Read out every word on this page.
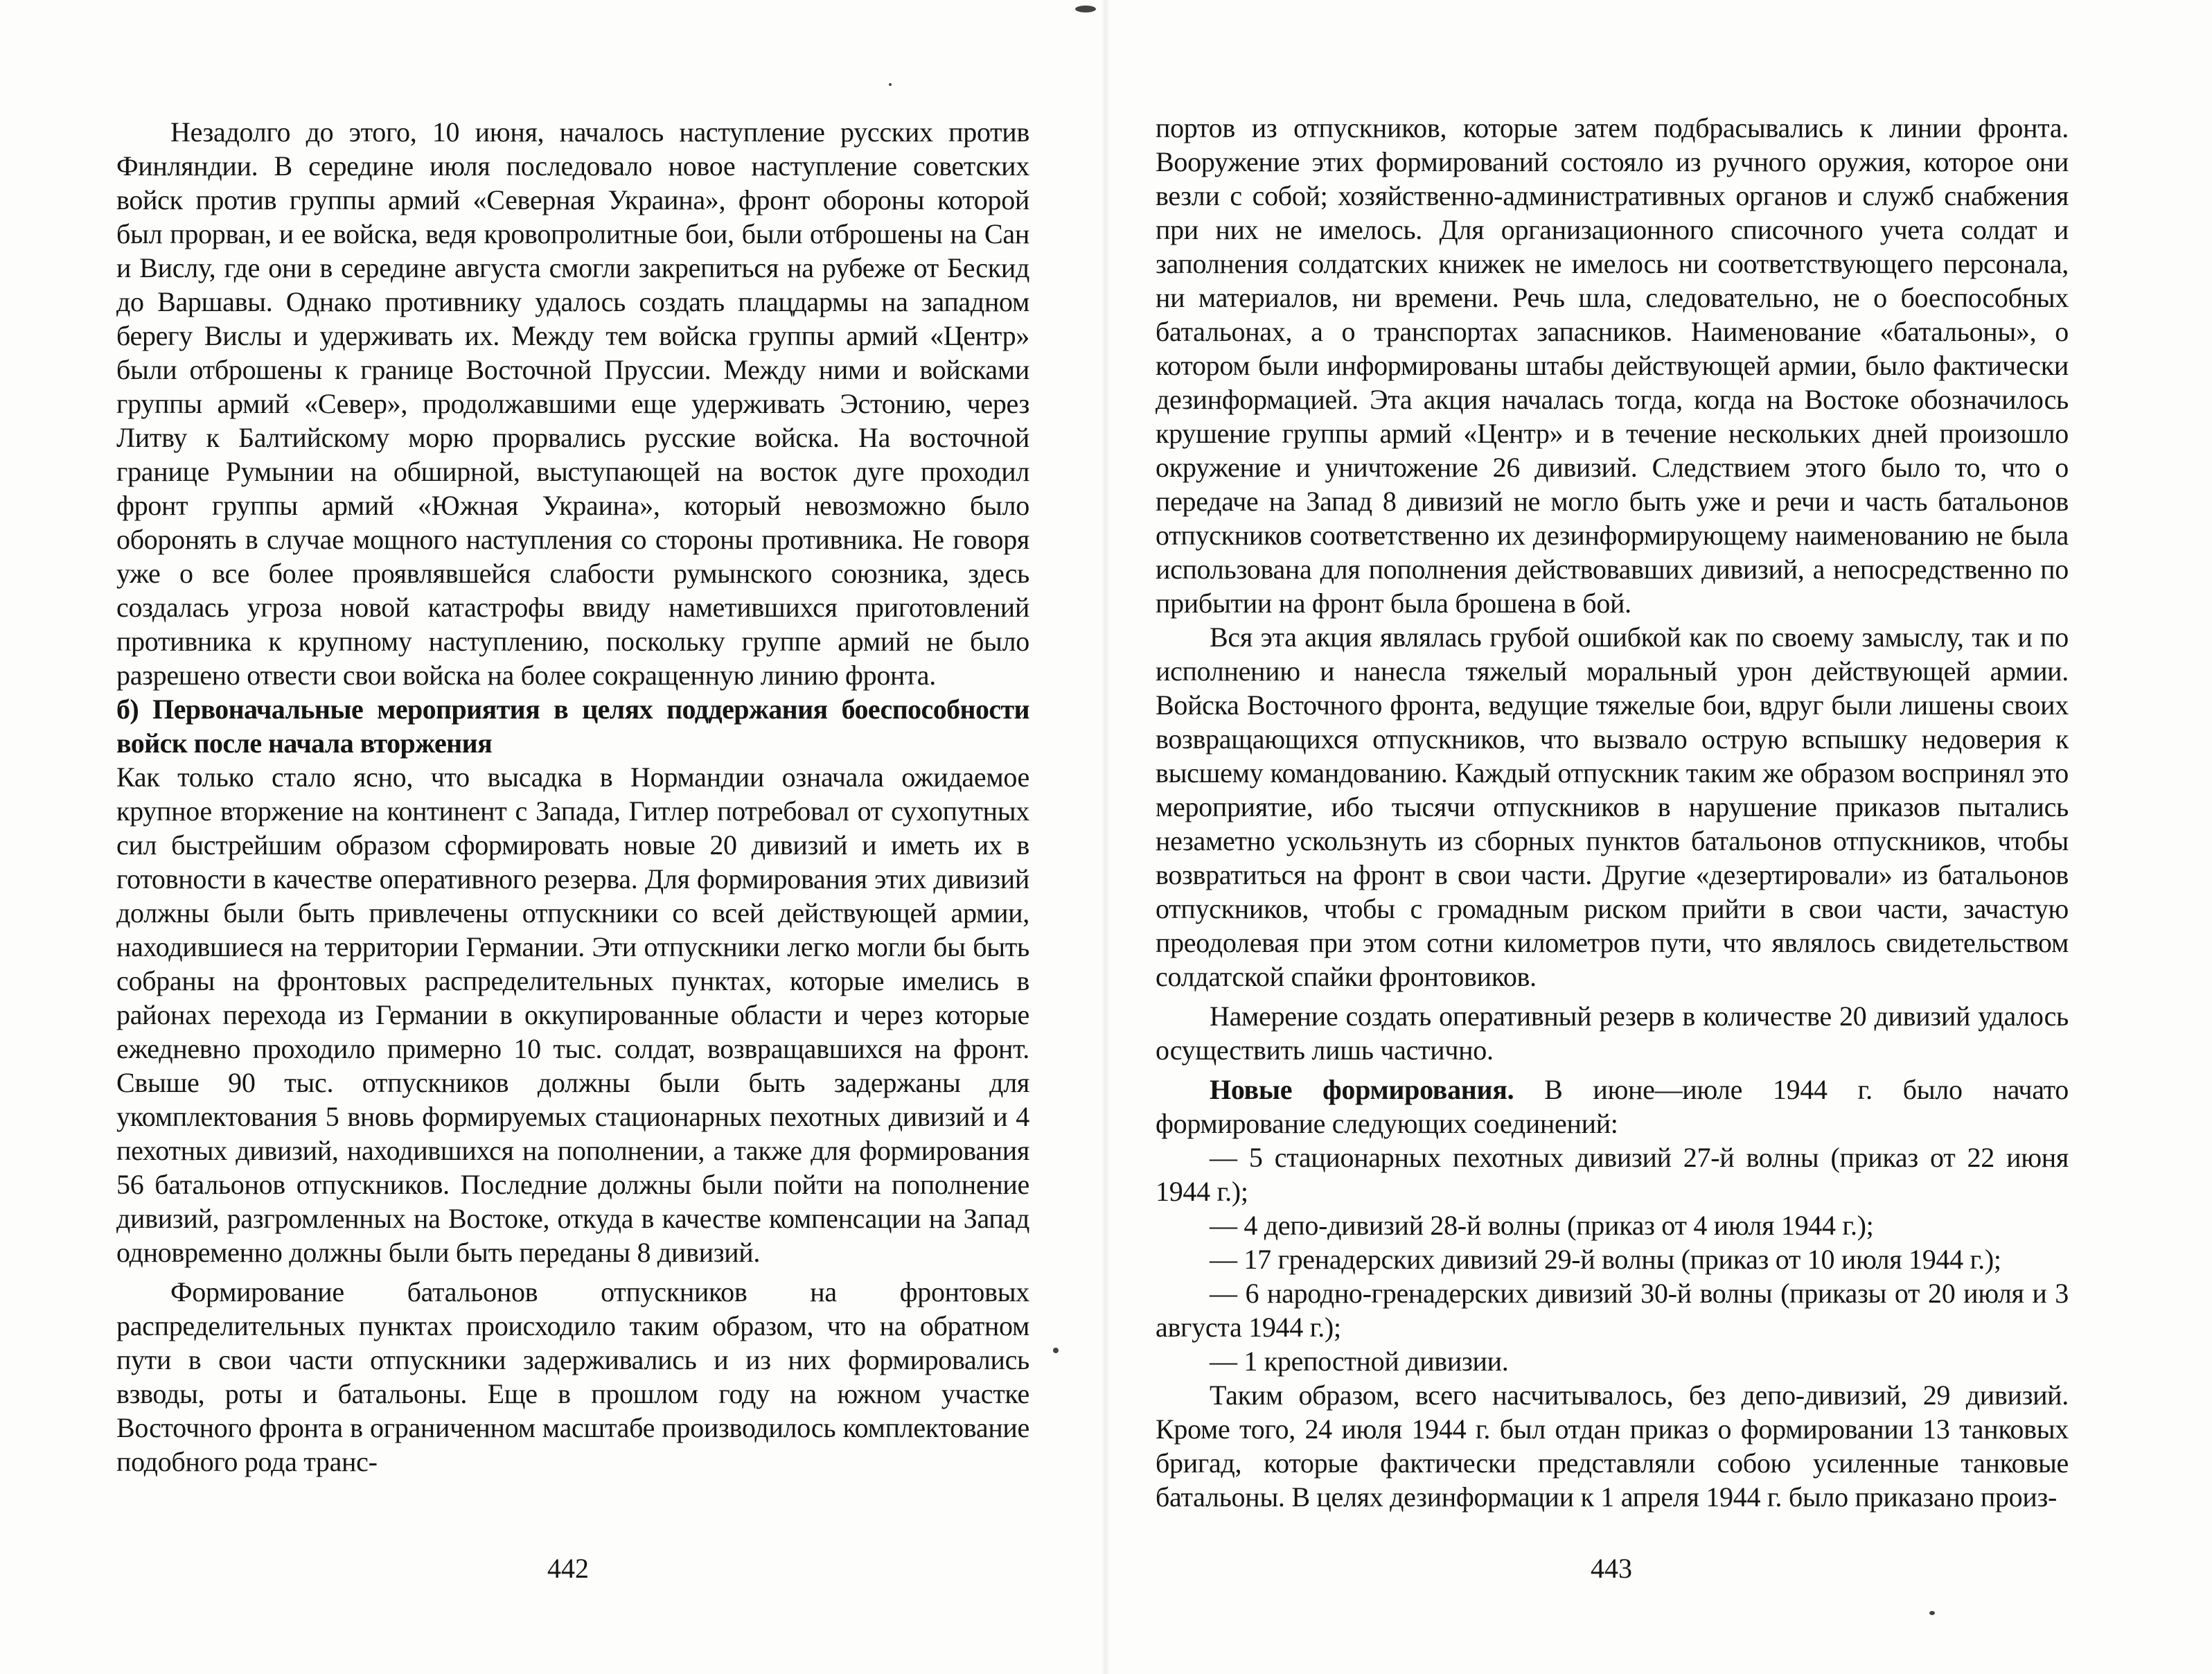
Незадолго до этого, 10 июня, началось наступление русских против Финляндии. В середине июля последовало новое наступление советских войск против группы армий «Северная Украина», фронт обороны которой был прорван, и ее войска, ведя кровопролитные бои, были отброшены на Сан и Вислу, где они в середине августа смогли закрепиться на рубеже от Бескид до Варшавы. Однако противнику удалось создать плацдармы на западном берегу Вислы и удерживать их. Между тем войска группы армий «Центр» были отброшены к границе Восточной Пруссии. Между ними и войсками группы армий «Север», продолжавшими еще удерживать Эстонию, через Литву к Балтийскому морю прорвались русские войска. На восточной границе Румынии на обширной, выступающей на восток дуге проходил фронт группы армий «Южная Украина», который невозможно было оборонять в случае мощного наступления со стороны противника. Не говоря уже о все более проявлявшейся слабости румынского союзника, здесь создалась угроза новой катастрофы ввиду наметившихся приготовлений противника к крупному наступлению, поскольку группе армий не было разрешено отвести свои войска на более сокращенную линию фронта.

б) Первоначальные мероприятия в целях поддержания боеспособности войск после начала вторжения

Как только стало ясно, что высадка в Нормандии означала ожидаемое крупное вторжение на континент с Запада, Гитлер потребовал от сухопутных сил быстрейшим образом сформировать новые 20 дивизий и иметь их в готовности в качестве оперативного резерва. Для формирования этих дивизий должны были быть привлечены отпускники со всей действующей армии, находившиеся на территории Германии. Эти отпускники легко могли бы быть собраны на фронтовых распределительных пунктах, которые имелись в районах перехода из Германии в оккупированные области и через которые ежедневно проходило примерно 10 тыс. солдат, возвращавшихся на фронт. Свыше 90 тыс. отпускников должны были быть задержаны для укомплектования 5 вновь формируемых стационарных пехотных дивизий и 4 пехотных дивизий, находившихся на пополнении, а также для формирования 56 батальонов отпускников. Последние должны были пойти на пополнение дивизий, разгромленных на Востоке, откуда в качестве компенсации на Запад одновременно должны были быть переданы 8 дивизий.

Формирование батальонов отпускников на фронтовых распределительных пунктах происходило таким образом, что на обратном пути в свои части отпускники задерживались и из них формировались взводы, роты и батальоны. Еще в прошлом году на южном участке Восточного фронта в ограниченном масштабе производилось комплектование подобного рода транс-

442

портов из отпускников, которые затем подбрасывались к линии фронта. Вооружение этих формирований состояло из ручного оружия, которое они везли с собой; хозяйственно-административных органов и служб снабжения при них не имелось. Для организационного списочного учета солдат и заполнения солдатских книжек не имелось ни соответствующего персонала, ни материалов, ни времени. Речь шла, следовательно, не о боеспособных батальонах, а о транспортах запасников. Наименование «батальоны», о котором были информированы штабы действующей армии, было фактически дезинформацией. Эта акция началась тогда, когда на Востоке обозначилось крушение группы армий «Центр» и в течение нескольких дней произошло окружение и уничтожение 26 дивизий. Следствием этого было то, что о передаче на Запад 8 дивизий не могло быть уже и речи и часть батальонов отпускников соответственно их дезинформирующему наименованию не была использована для пополнения действовавших дивизий, а непосредственно по прибытии на фронт была брошена в бой.

Вся эта акция являлась грубой ошибкой как по своему замыслу, так и по исполнению и нанесла тяжелый моральный урон действующей армии. Войска Восточного фронта, ведущие тяжелые бои, вдруг были лишены своих возвращающихся отпускников, что вызвало острую вспышку недоверия к высшему командованию. Каждый отпускник таким же образом воспринял это мероприятие, ибо тысячи отпускников в нарушение приказов пытались незаметно ускользнуть из сборных пунктов батальонов отпускников, чтобы возвратиться на фронт в свои части. Другие «дезертировали» из батальонов отпускников, чтобы с громадным риском прийти в свои части, зачастую преодолевая при этом сотни километров пути, что являлось свидетельством солдатской спайки фронтовиков.

Намерение создать оперативный резерв в количестве 20 дивизий удалось осуществить лишь частично.

Новые формирования. В июне—июле 1944 г. было начато формирование следующих соединений:

— 5 стационарных пехотных дивизий 27-й волны (приказ от 22 июня 1944 г.);

— 4 депо-дивизий 28-й волны (приказ от 4 июля 1944 г.);

— 17 гренадерских дивизий 29-й волны (приказ от 10 июля 1944 г.);

— 6 народно-гренадерских дивизий 30-й волны (приказы от 20 июля и 3 августа 1944 г.);

— 1 крепостной дивизии.

Таким образом, всего насчитывалось, без депо-дивизий, 29 дивизий. Кроме того, 24 июля 1944 г. был отдан приказ о формировании 13 танковых бригад, которые фактически представляли собою усиленные танковые батальоны. В целях дезинформации к 1 апреля 1944 г. было приказано произ-

443
